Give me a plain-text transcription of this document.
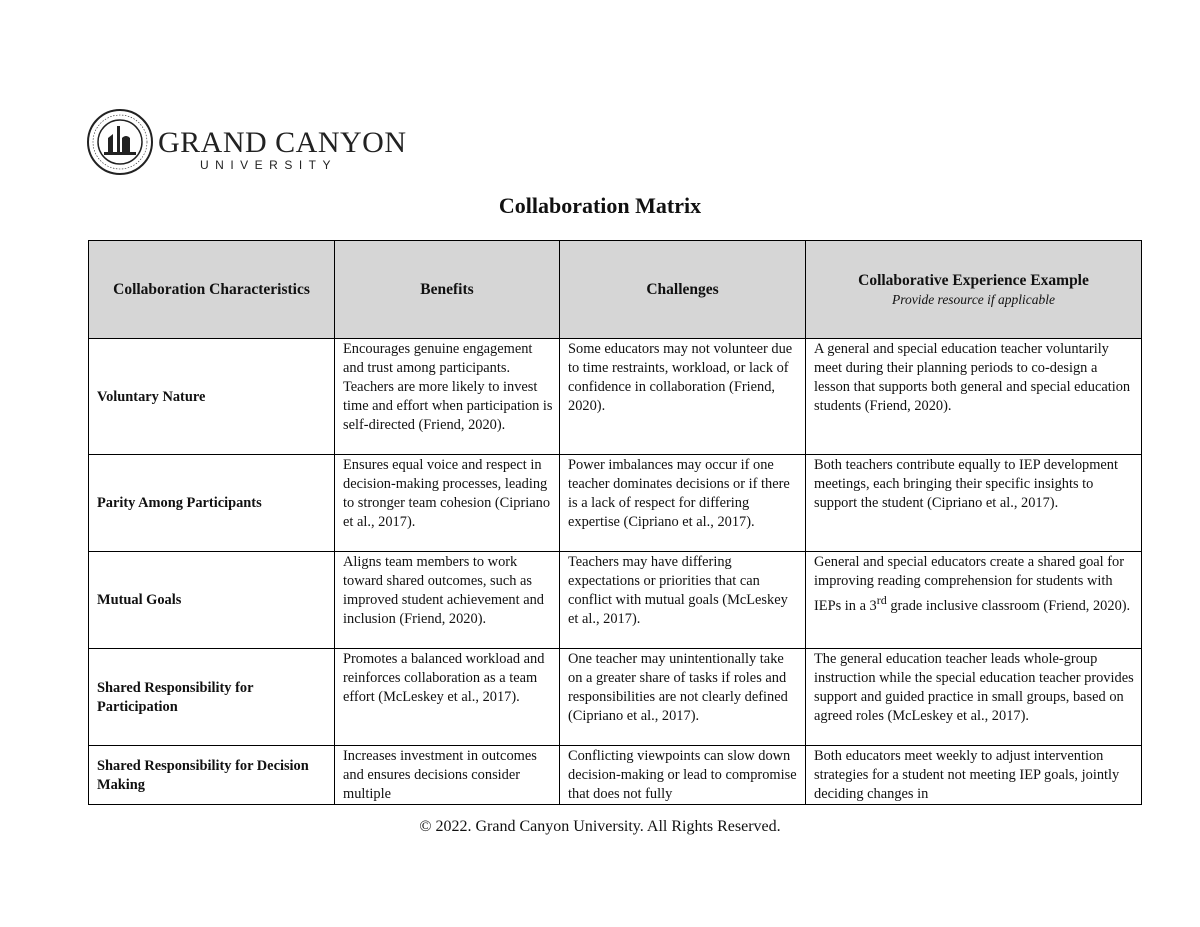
GRAND CANYON
UNIVERSITY
Collaboration Matrix
Collaboration Characteristics	Benefits	Challenges	Collaborative Experience Example
Provide resource if applicable

Voluntary Nature	Encourages genuine engagement and trust among participants. Teachers are more likely to invest time and effort when participation is self-directed (Friend, 2020).	Some educators may not volunteer due to time restraints, workload, or lack of confidence in collaboration (Friend, 2020).	A general and special education teacher voluntarily meet during their planning periods to co-design a lesson that supports both general and special education students (Friend, 2020).
Parity Among Participants	Ensures equal voice and respect in decision-making processes, leading to stronger team cohesion (Cipriano et al., 2017).	Power imbalances may occur if one teacher dominates decisions or if there is a lack of respect for differing expertise (Cipriano et al., 2017).	Both teachers contribute equally to IEP development meetings, each bringing their specific insights to support the student (Cipriano et al., 2017).
Mutual Goals	Aligns team members to work toward shared outcomes, such as improved student achievement and inclusion (Friend, 2020).	Teachers may have differing expectations or priorities that can conflict with mutual goals (McLeskey et al., 2017).	General and special educators create a shared goal for improving reading comprehension for students with IEPs in a 3rd grade inclusive classroom (Friend, 2020).
Shared Responsibility for Participation	Promotes a balanced workload and reinforces collaboration as a team effort (McLeskey et al., 2017).	One teacher may unintentionally take on a greater share of tasks if roles and responsibilities are not clearly defined (Cipriano et al., 2017).	The general education teacher leads whole-group instruction while the special education teacher provides support and guided practice in small groups, based on agreed roles (McLeskey et al., 2017).
Shared Responsibility for Decision Making	Increases investment in outcomes and ensures decisions consider multiple	Conflicting viewpoints can slow down decision-making or lead to compromise that does not fully	Both educators meet weekly to adjust intervention strategies for a student not meeting IEP goals, jointly deciding changes in
© 2022. Grand Canyon University. All Rights Reserved.
